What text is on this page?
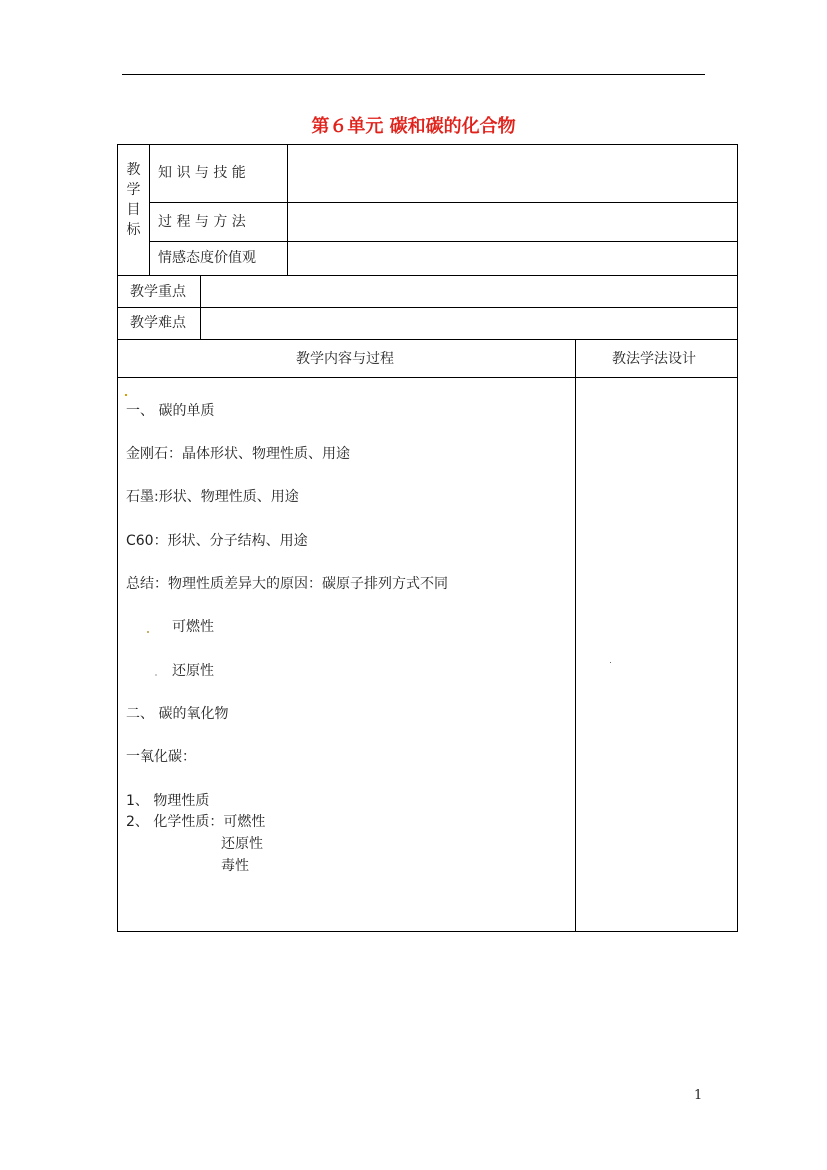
第６单元 碳和碳的化合物
教
学
目
标
知 识 与 技 能
过 程 与 方 法
情感态度价值观
教学重点
教学难点
教学内容与过程	教法学法设计
一、 碳的单质
金刚石：晶体形状、物理性质、用途
石墨:形状、物理性质、用途
C60：形状、分子结构、用途
总结：物理性质差异大的原因：碳原子排列方式不同
可燃性
还原性
二、 碳的氧化物
一氧化碳：
1、 物理性质
2、 化学性质：可燃性
还原性
毒性
1
